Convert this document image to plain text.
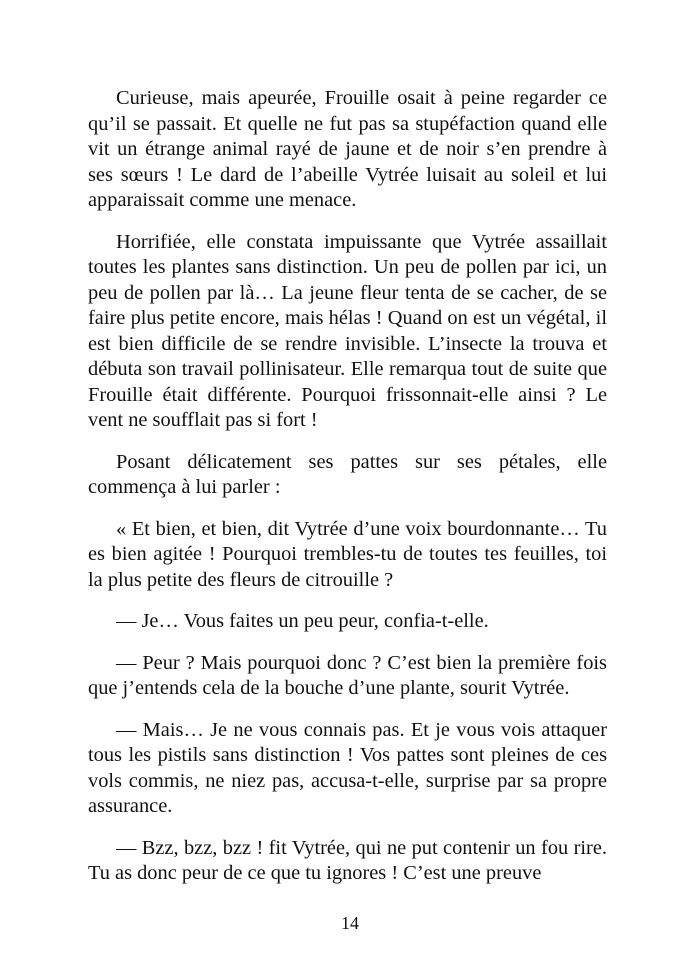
Curieuse, mais apeurée, Frouille osait à peine regarder ce qu’il se passait. Et quelle ne fut pas sa stupéfaction quand elle vit un étrange animal rayé de jaune et de noir s’en prendre à ses sœurs ! Le dard de l’abeille Vytrée luisait au soleil et lui apparaissait comme une menace.

Horrifiée, elle constata impuissante que Vytrée assaillait toutes les plantes sans distinction. Un peu de pollen par ici, un peu de pollen par là… La jeune fleur tenta de se cacher, de se faire plus petite encore, mais hélas ! Quand on est un végétal, il est bien difficile de se rendre invisible. L’insecte la trouva et débuta son travail pollinisateur. Elle remarqua tout de suite que Frouille était différente. Pourquoi frissonnait-elle ainsi ? Le vent ne soufflait pas si fort !

Posant délicatement ses pattes sur ses pétales, elle commença à lui parler :

« Et bien, et bien, dit Vytrée d’une voix bourdonnante… Tu es bien agitée ! Pourquoi trembles-tu de toutes tes feuilles, toi la plus petite des fleurs de citrouille ?

— Je… Vous faites un peu peur, confia-t-elle.

— Peur ? Mais pourquoi donc ? C’est bien la première fois que j’entends cela de la bouche d’une plante, sourit Vytrée.

— Mais… Je ne vous connais pas. Et je vous vois attaquer tous les pistils sans distinction ! Vos pattes sont pleines de ces vols commis, ne niez pas, accusa-t-elle, surprise par sa propre assurance.

— Bzz, bzz, bzz ! fit Vytrée, qui ne put contenir un fou rire. Tu as donc peur de ce que tu ignores ! C’est une preuve

14
